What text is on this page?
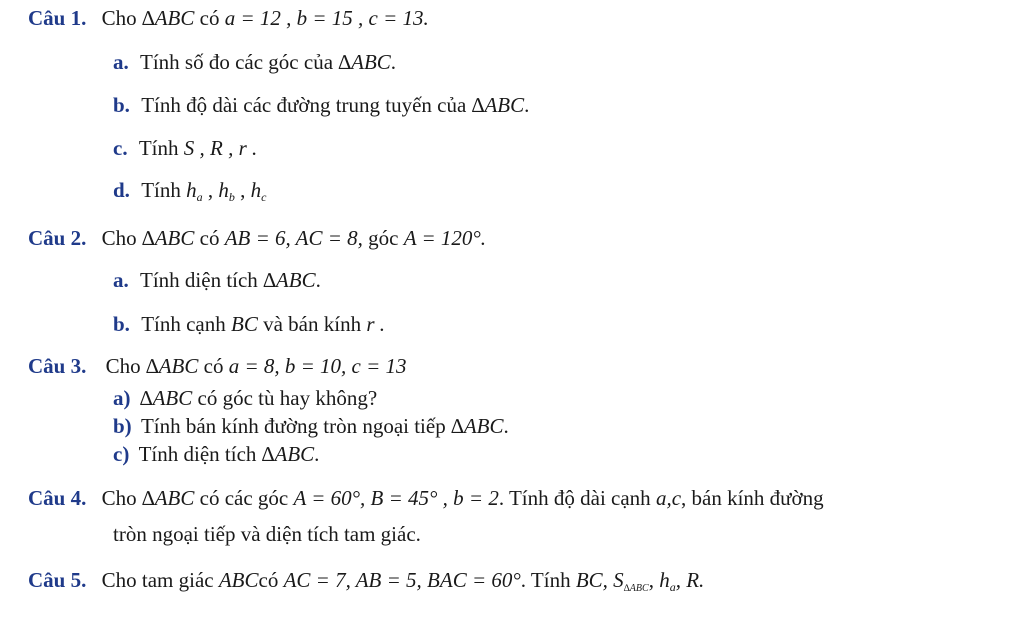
Câu 1. Cho ∆ABC có a = 12 , b = 15 , c = 13.
a. Tính số đo các góc của ∆ABC.
b. Tính độ dài các đường trung tuyến của ∆ABC.
c. Tính S , R , r .
d. Tính $h_a$ , $h_b$ , $h_c$
Câu 2. Cho ∆ABC có AB = 6, AC = 8, góc A = 120°.
a. Tính diện tích ∆ABC.
b. Tính cạnh BC và bán kính r .
Câu 3. Cho ∆ABC có a = 8, b = 10, c = 13
a) ∆ABC có góc tù hay không?
b) Tính bán kính đường tròn ngoại tiếp ∆ABC.
c) Tính diện tích ∆ABC.
Câu 4. Cho ∆ABC có các góc A = 60°, B = 45° , b = 2. Tính độ dài cạnh a,c, bán kính đường
tròn ngoại tiếp và diện tích tam giác.
Câu 5. Cho tam giác ABCcó AC = 7, AB = 5, BAC = 60°. Tính BC, $S_{\Delta ABC}$, $h_a$, R.
